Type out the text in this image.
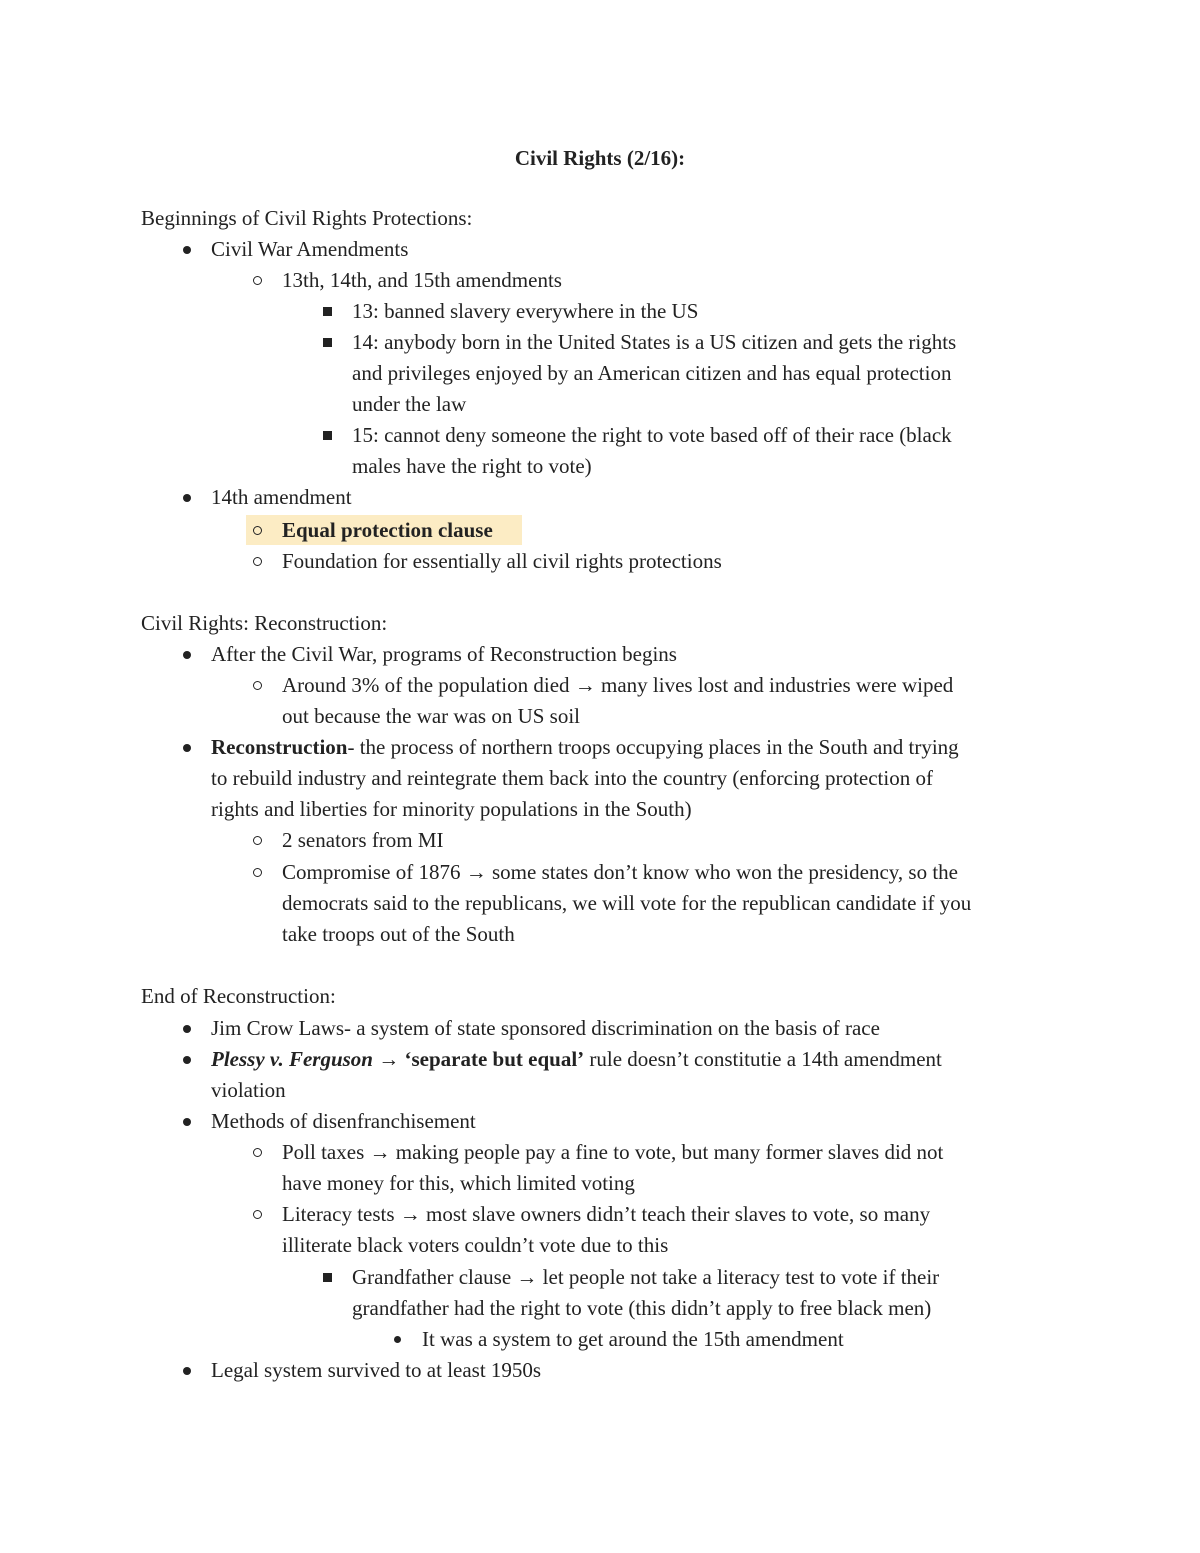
Civil Rights (2/16):
Beginnings of Civil Rights Protections:
Civil War Amendments
13th, 14th, and 15th amendments
13: banned slavery everywhere in the US
14: anybody born in the United States is a US citizen and gets the rights
and privileges enjoyed by an American citizen and has equal protection
under the law
15: cannot deny someone the right to vote based off of their race (black
males have the right to vote)
14th amendment
Equal protection clause
Foundation for essentially all civil rights protections
Civil Rights: Reconstruction:
After the Civil War, programs of Reconstruction begins
Around 3% of the population died → many lives lost and industries were wiped
out because the war was on US soil
Reconstruction- the process of northern troops occupying places in the South and trying
to rebuild industry and reintegrate them back into the country (enforcing protection of
rights and liberties for minority populations in the South)
2 senators from MI
Compromise of 1876 → some states don’t know who won the presidency, so the
democrats said to the republicans, we will vote for the republican candidate if you
take troops out of the South
End of Reconstruction:
Jim Crow Laws- a system of state sponsored discrimination on the basis of race
Plessy v. Ferguson → ‘separate but equal’ rule doesn’t constitutie a 14th amendment
violation
Methods of disenfranchisement
Poll taxes → making people pay a fine to vote, but many former slaves did not
have money for this, which limited voting
Literacy tests → most slave owners didn’t teach their slaves to vote, so many
illiterate black voters couldn’t vote due to this
Grandfather clause → let people not take a literacy test to vote if their
grandfather had the right to vote (this didn’t apply to free black men)
It was a system to get around the 15th amendment
Legal system survived to at least 1950s
